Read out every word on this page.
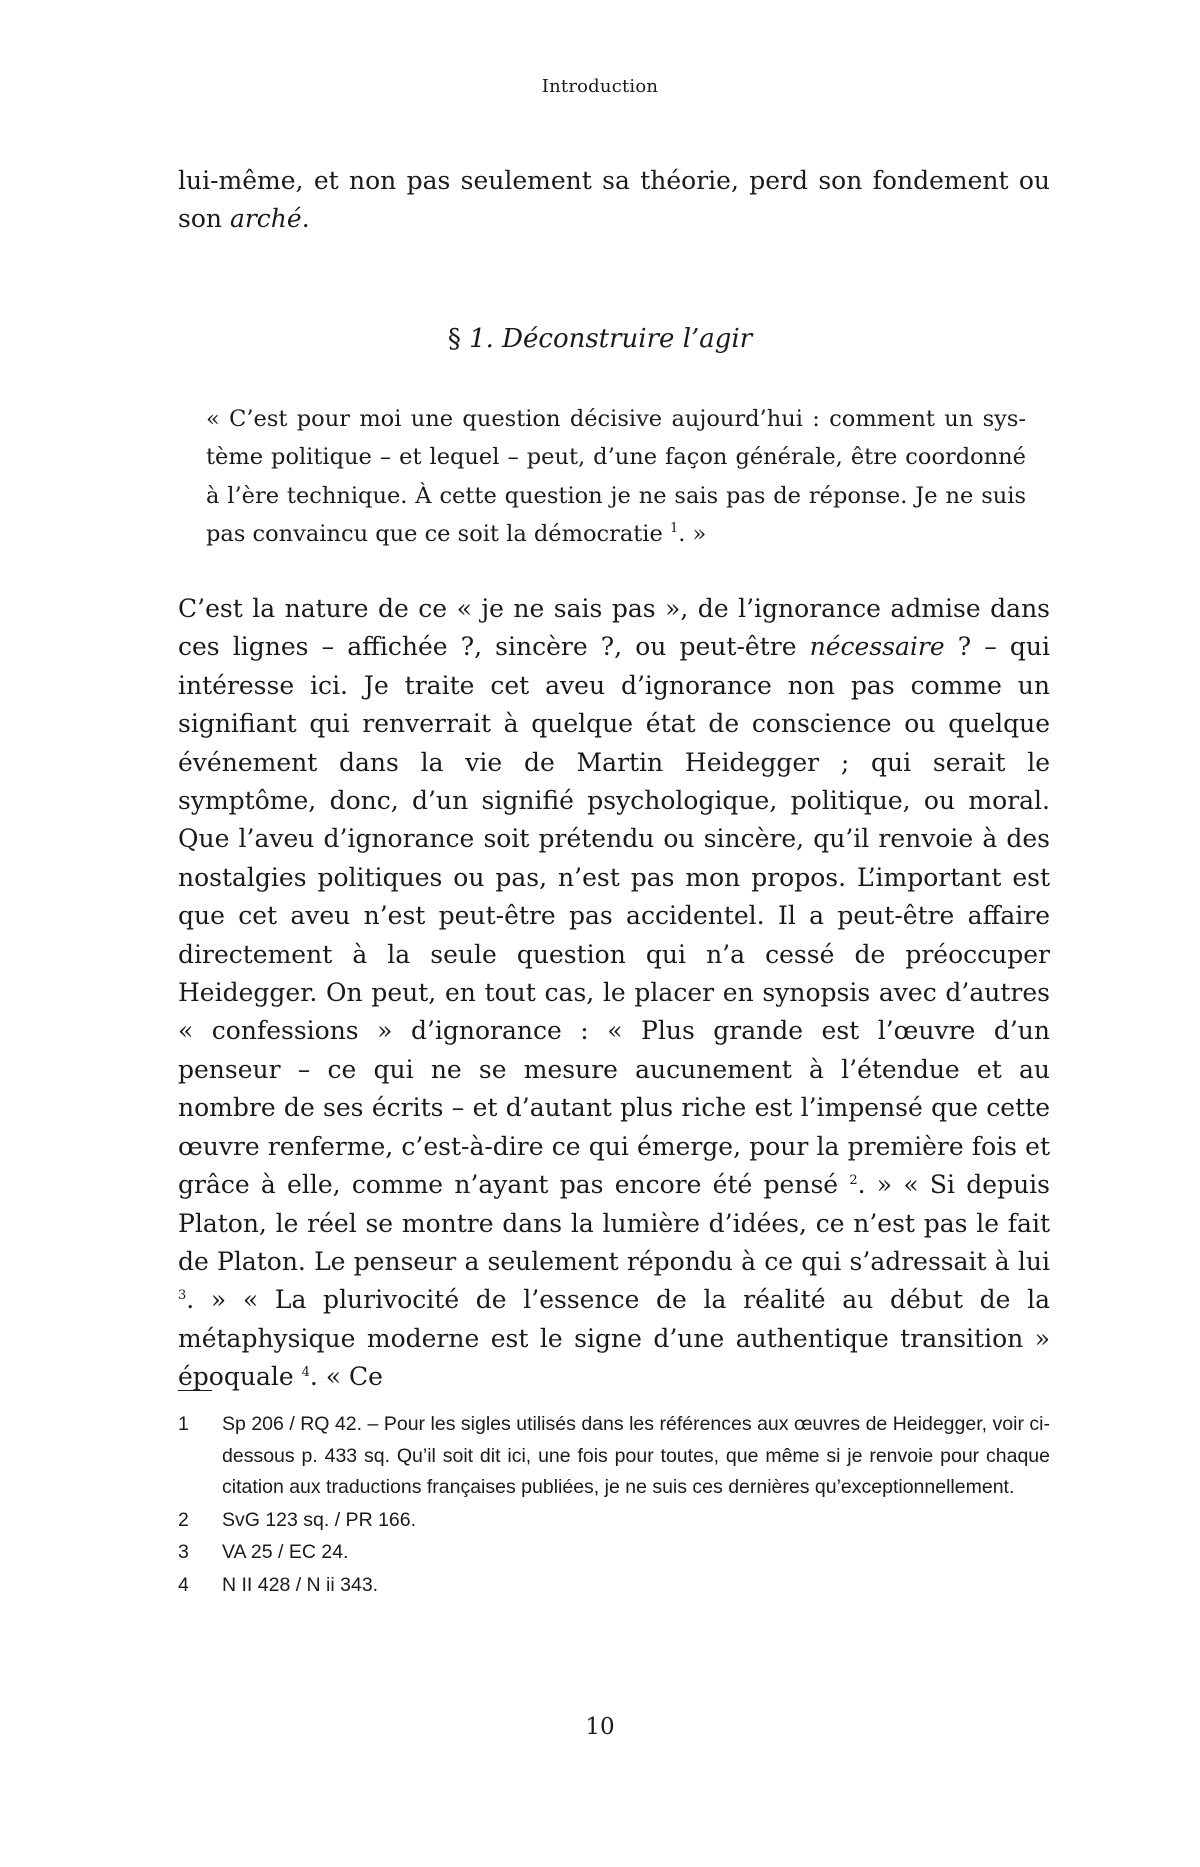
Introduction

lui-même, et non pas seulement sa théorie, perd son fondement ou son arché.

§ 1. Déconstruire l’agir

« C’est pour moi une question décisive aujourd’hui : comment un système politique – et lequel – peut, d’une façon générale, être coordonné à l’ère technique. À cette question je ne sais pas de réponse. Je ne suis pas convaincu que ce soit la démocratie $^1$. »

C’est la nature de ce « je ne sais pas », de l’ignorance admise dans ces lignes – affichée ?, sincère ?, ou peut-être nécessaire ? – qui intéresse ici. Je traite cet aveu d’ignorance non pas comme un signifiant qui renverrait à quelque état de conscience ou quelque événement dans la vie de Martin Heidegger ; qui serait le symptôme, donc, d’un signifié psychologique, politique, ou moral. Que l’aveu d’ignorance soit prétendu ou sincère, qu’il renvoie à des nostalgies politiques ou pas, n’est pas mon propos. L’important est que cet aveu n’est peut-être pas accidentel. Il a peut-être affaire directement à la seule question qui n’a cessé de préoccuper Heidegger. On peut, en tout cas, le placer en synopsis avec d’autres « confessions » d’ignorance : « Plus grande est l’œuvre d’un penseur – ce qui ne se mesure aucunement à l’étendue et au nombre de ses écrits – et d’autant plus riche est l’impensé que cette œuvre renferme, c’est-à-dire ce qui émerge, pour la première fois et grâce à elle, comme n’ayant pas encore été pensé $^2$. » « Si depuis Platon, le réel se montre dans la lumière d’idées, ce n’est pas le fait de Platon. Le penseur a seulement répondu à ce qui s’adressait à lui $^3$. » « La plurivocité de l’essence de la réalité au début de la métaphysique moderne est le signe d’une authentique transition » époquale $^4$. « Ce

1	Sp 206 / RQ 42. – Pour les sigles utilisés dans les références aux œuvres de Heidegger, voir ci-dessous p. 433 sq. Qu’il soit dit ici, une fois pour toutes, que même si je renvoie pour chaque citation aux traductions françaises publiées, je ne suis ces dernières qu’exceptionnellement.
2	SvG 123 sq. / PR 166.
3	VA 25 / EC 24.
4	N II 428 / N ii 343.
10
